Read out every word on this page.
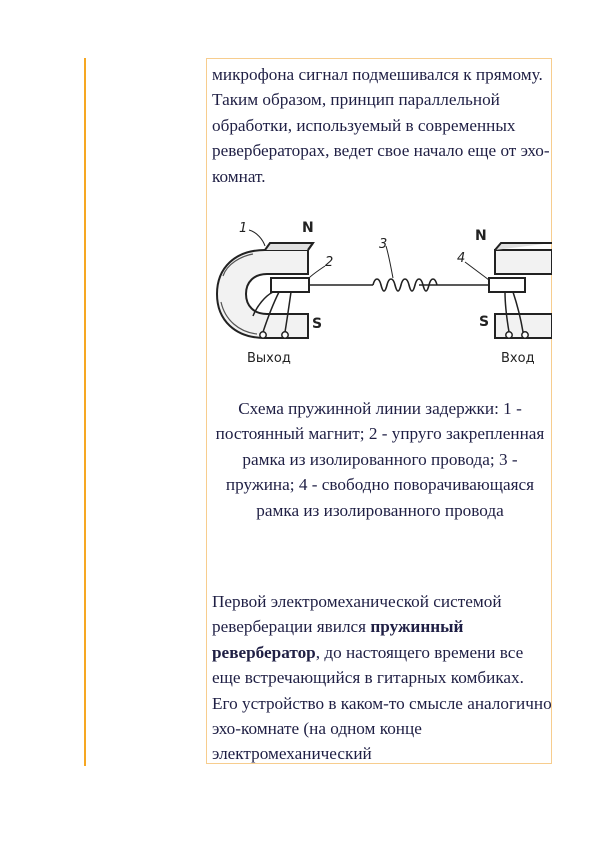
микрофона сигнал подмешивался к прямому. Таким образом, принцип параллельной обработки, используемый в современных ревербераторах, ведет свое начало еще от эхо-комнат.

1
2
3
4
N
S
N
S
Выход	Вход

Схема пружинной линии задержки: 1 - постоянный магнит; 2 - упруго закрепленная рамка из изолированного провода; 3 - пружина; 4 - свободно поворачивающаяся рамка из изолированного провода

Первой электромеханической системой реверберации явился пружинный ревербератор, до настоящего времени все еще встречающийся в гитарных комбиках. Его устройство в каком-то смысле аналогично эхо-комнате (на одном конце электромеханический
